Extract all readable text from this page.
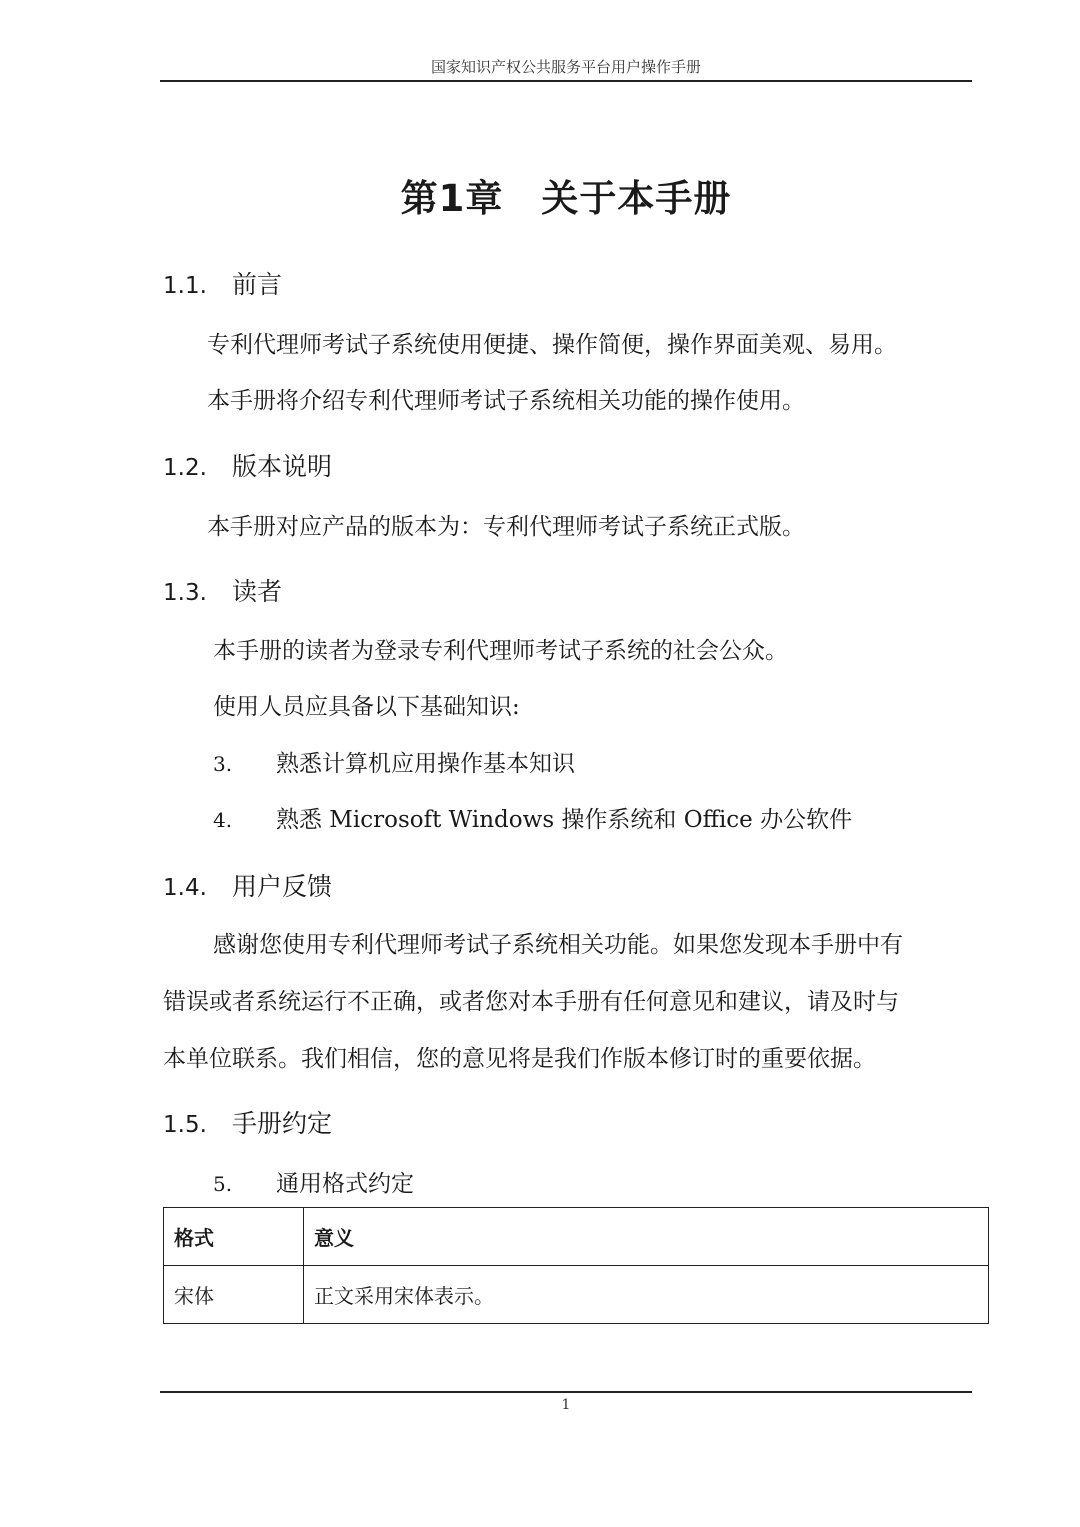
国家知识产权公共服务平台用户操作手册
第1章　关于本手册
1.1. 前言
专利代理师考试子系统使用便捷、操作简便，操作界面美观、易用。
本手册将介绍专利代理师考试子系统相关功能的操作使用。
1.2. 版本说明
本手册对应产品的版本为：专利代理师考试子系统正式版。
1.3. 读者
本手册的读者为登录专利代理师考试子系统的社会公众。
使用人员应具备以下基础知识:
3. 熟悉计算机应用操作基本知识
4. 熟悉 Microsoft Windows 操作系统和 Office 办公软件
1.4. 用户反馈
感谢您使用专利代理师考试子系统相关功能。如果您发现本手册中有
错误或者系统运行不正确，或者您对本手册有任何意见和建议，请及时与
本单位联系。我们相信，您的意见将是我们作版本修订时的重要依据。
1.5. 手册约定
5. 通用格式约定
格式	意义
宋体	正文采用宋体表示。
1
